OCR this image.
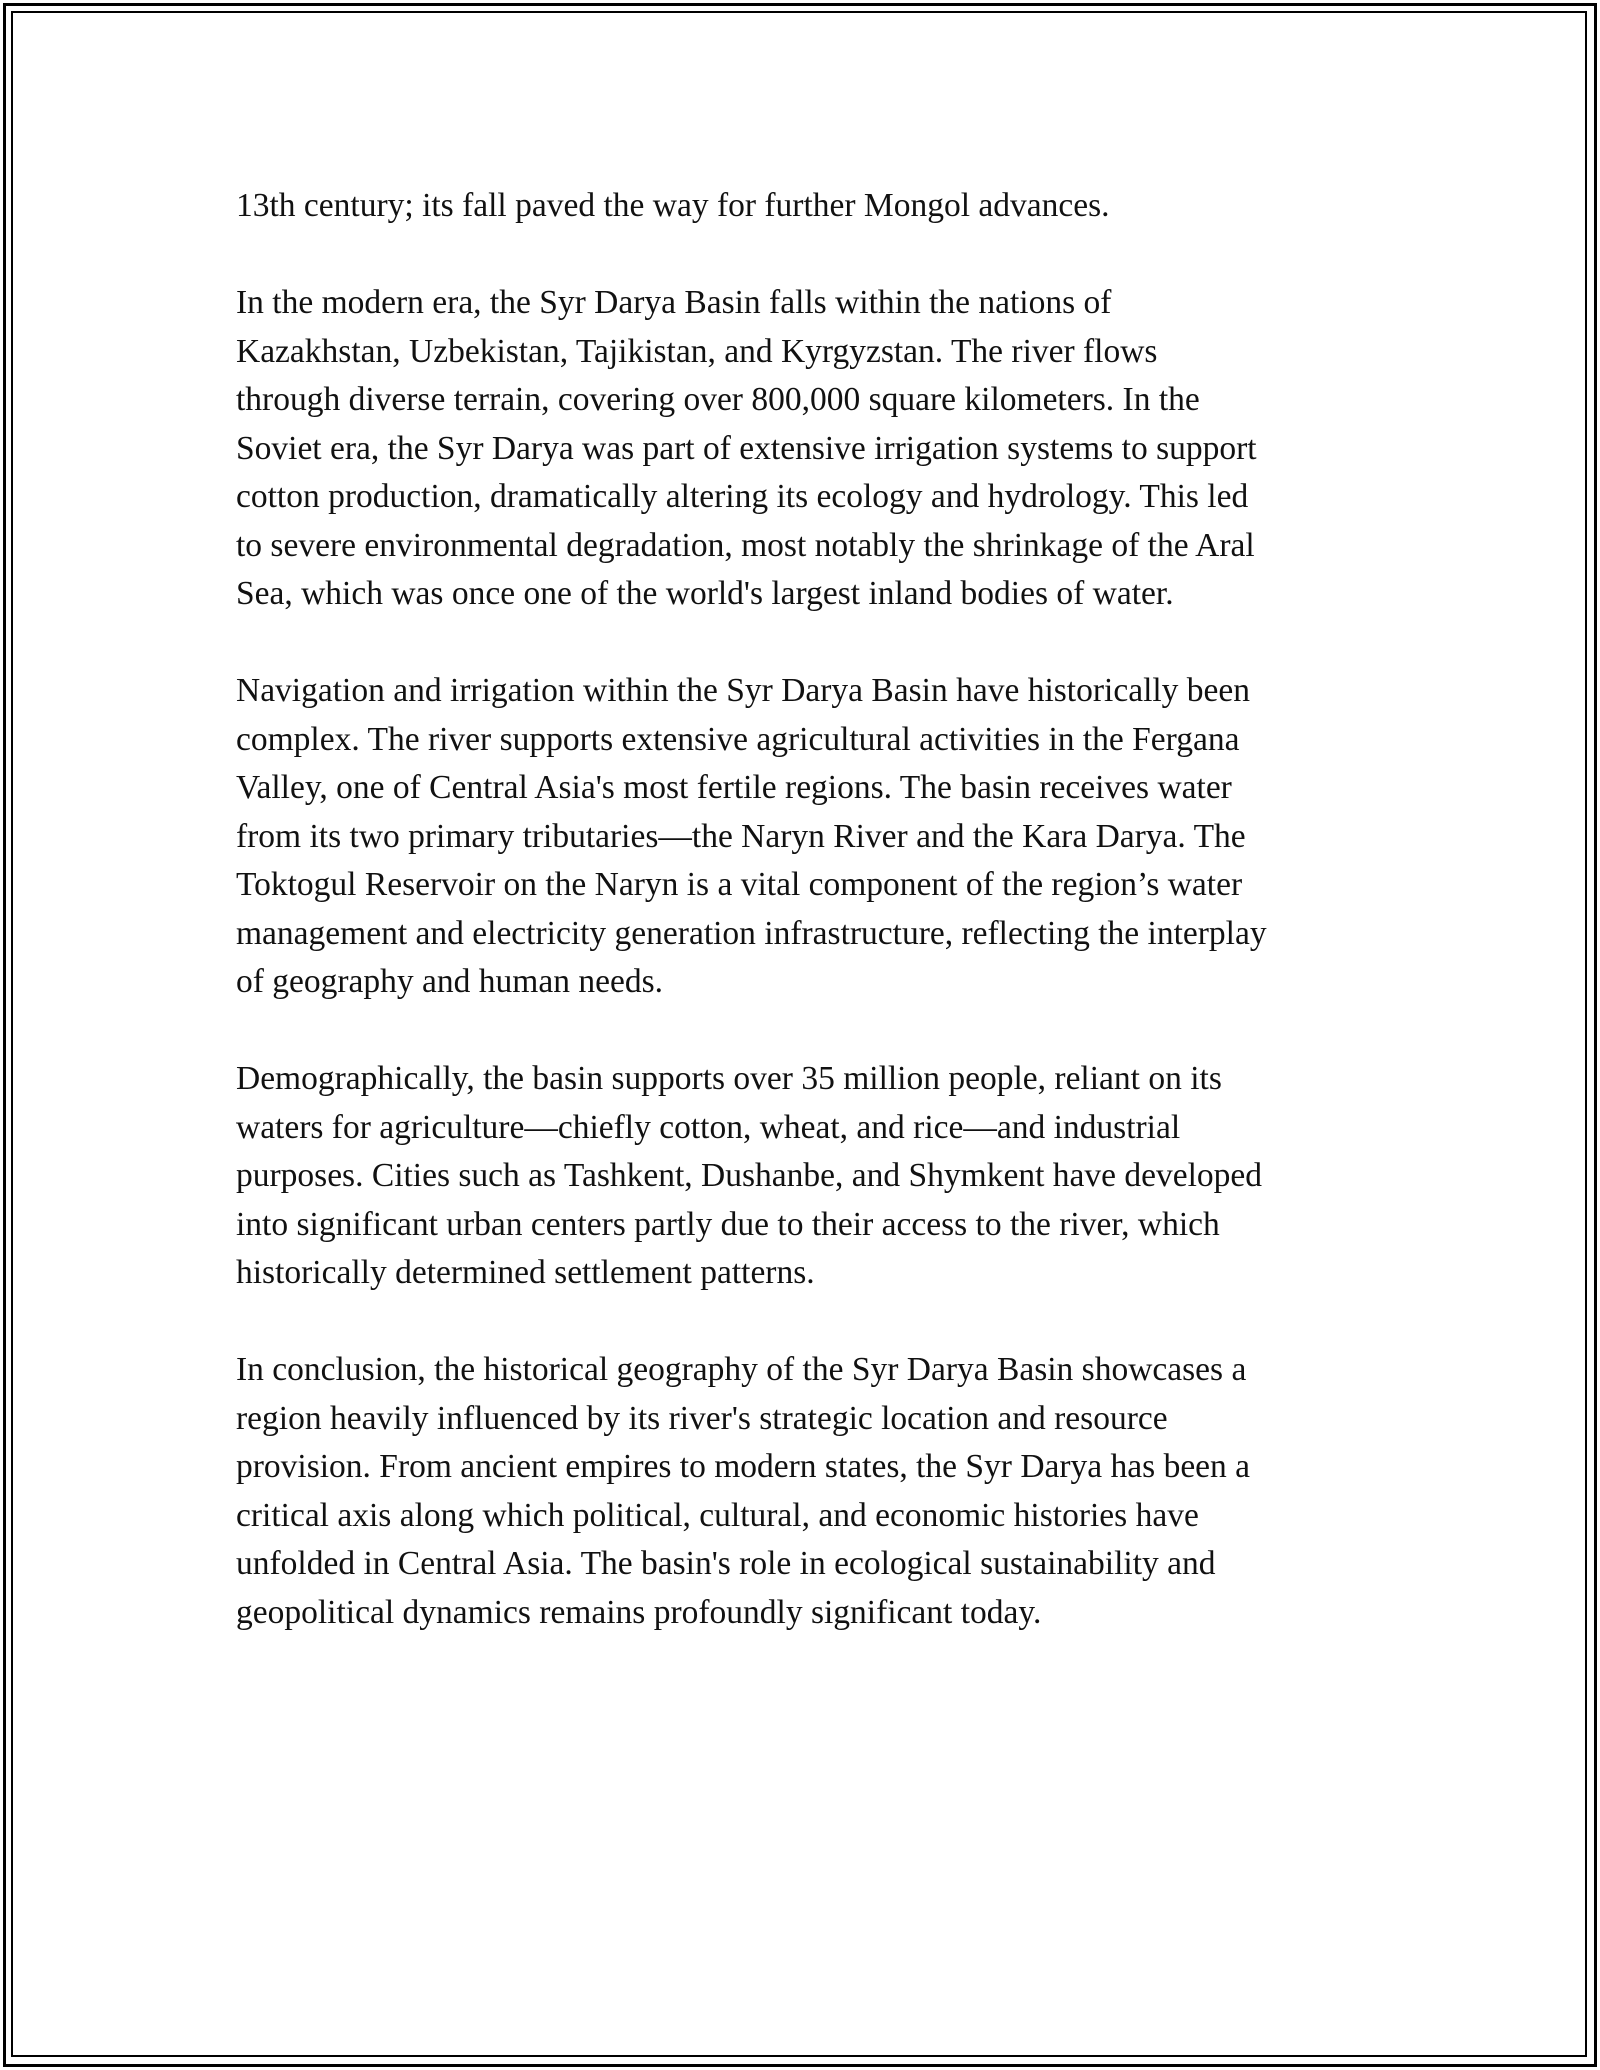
13th century; its fall paved the way for further Mongol advances.

In the modern era, the Syr Darya Basin falls within the nations of
Kazakhstan, Uzbekistan, Tajikistan, and Kyrgyzstan. The river flows
through diverse terrain, covering over 800,000 square kilometers. In the
Soviet era, the Syr Darya was part of extensive irrigation systems to support
cotton production, dramatically altering its ecology and hydrology. This led
to severe environmental degradation, most notably the shrinkage of the Aral
Sea, which was once one of the world's largest inland bodies of water.

Navigation and irrigation within the Syr Darya Basin have historically been
complex. The river supports extensive agricultural activities in the Fergana
Valley, one of Central Asia's most fertile regions. The basin receives water
from its two primary tributaries—the Naryn River and the Kara Darya. The
Toktogul Reservoir on the Naryn is a vital component of the region’s water
management and electricity generation infrastructure, reflecting the interplay
of geography and human needs.

Demographically, the basin supports over 35 million people, reliant on its
waters for agriculture—chiefly cotton, wheat, and rice—and industrial
purposes. Cities such as Tashkent, Dushanbe, and Shymkent have developed
into significant urban centers partly due to their access to the river, which
historically determined settlement patterns.

In conclusion, the historical geography of the Syr Darya Basin showcases a
region heavily influenced by its river's strategic location and resource
provision. From ancient empires to modern states, the Syr Darya has been a
critical axis along which political, cultural, and economic histories have
unfolded in Central Asia. The basin's role in ecological sustainability and
geopolitical dynamics remains profoundly significant today.
